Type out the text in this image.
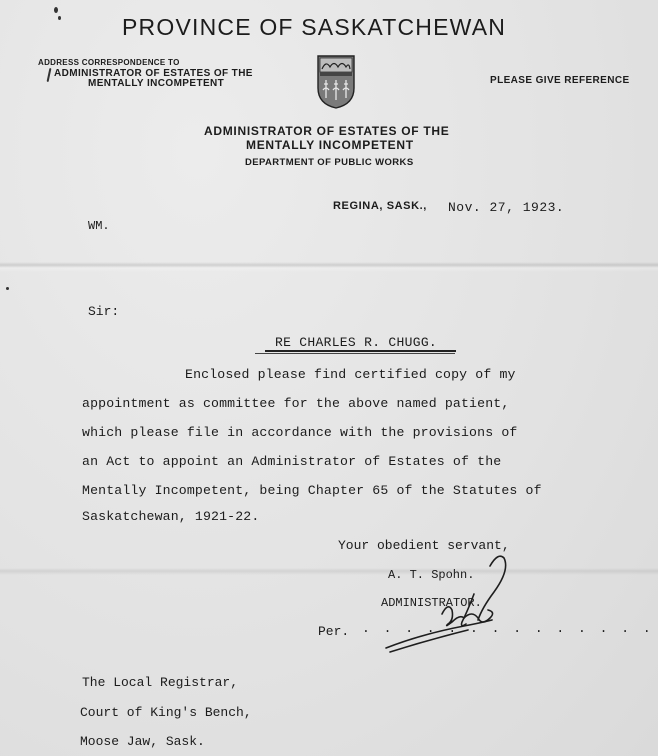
PROVINCE OF SASKATCHEWAN
ADDRESS CORRESPONDENCE TO
ADMINISTRATOR OF ESTATES OF THE
MENTALLY INCOMPETENT	PLEASE GIVE REFERENCE
ADMINISTRATOR OF ESTATES OF THE
MENTALLY INCOMPETENT
DEPARTMENT OF PUBLIC WORKS
REGINA, SASK., Nov. 27, 1923.
WM.
Sir:
RE CHARLES R. CHUGG.
Enclosed please find certified copy of my
appointment as committee for the above named patient,
which please file in accordance with the provisions of
an Act to appoint an Administrator of Estates of the
Mentally Incompetent, being Chapter 65 of the Statutes of
Saskatchewan, 1921-22.
Your obedient servant,
A. T. Spohn.
ADMINISTRATOR.
Per. . . . . . . . . . . . . . .
The Local Registrar,
Court of King's Bench,
Moose Jaw, Sask.
